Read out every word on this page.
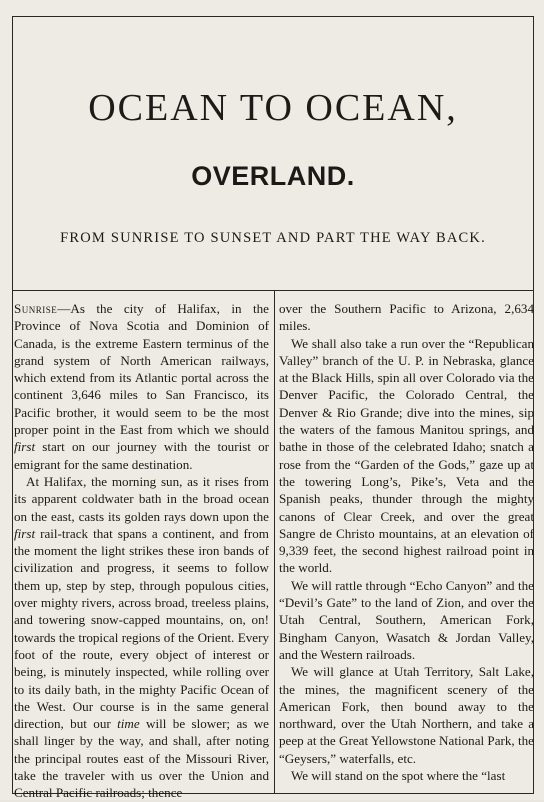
OCEAN TO OCEAN,
OVERLAND.
FROM SUNRISE TO SUNSET AND PART THE WAY BACK.

Sunrise—As the city of Halifax, in the Province of Nova Scotia and Dominion of Canada, is the extreme Eastern terminus of the grand system of North American railways, which extend from its Atlantic portal across the continent 3,646 miles to San Francisco, its Pacific brother, it would seem to be the most proper point in the East from which we should first start on our journey with the tourist or emigrant for the same destination.

At Halifax, the morning sun, as it rises from its apparent coldwater bath in the broad ocean on the east, casts its golden rays down upon the first rail-track that spans a continent, and from the moment the light strikes these iron bands of civilization and progress, it seems to follow them up, step by step, through populous cities, over mighty rivers, across broad, treeless plains, and towering snow-capped mountains, on, on! towards the tropical regions of the Orient. Every foot of the route, every object of interest or being, is minutely inspected, while rolling over to its daily bath, in the mighty Pacific Ocean of the West. Our course is in the same general direction, but our time will be slower; as we shall linger by the way, and shall, after noting the principal routes east of the Missouri River, take the traveler with us over the Union and Central Pacific railroads; thence

over the Southern Pacific to Arizona, 2,634 miles.

We shall also take a run over the “Republican Valley” branch of the U. P. in Nebraska, glance at the Black Hills, spin all over Colorado via the Denver Pacific, the Colorado Central, the Denver & Rio Grande; dive into the mines, sip the waters of the famous Manitou springs, and bathe in those of the celebrated Idaho; snatch a rose from the “Garden of the Gods,” gaze up at the towering Long’s, Pike’s, Veta and the Spanish peaks, thunder through the mighty canons of Clear Creek, and over the great Sangre de Christo mountains, at an elevation of 9,339 feet, the second highest railroad point in the world.

We will rattle through “Echo Canyon” and the “Devil’s Gate” to the land of Zion, and over the Utah Central, Southern, American Fork, Bingham Canyon, Wasatch & Jordan Valley, and the Western railroads.

We will glance at Utah Territory, Salt Lake, the mines, the magnificent scenery of the American Fork, then bound away to the northward, over the Utah Northern, and take a peep at the Great Yellowstone National Park, the “Geysers,” waterfalls, etc.

We will stand on the spot where the “last
